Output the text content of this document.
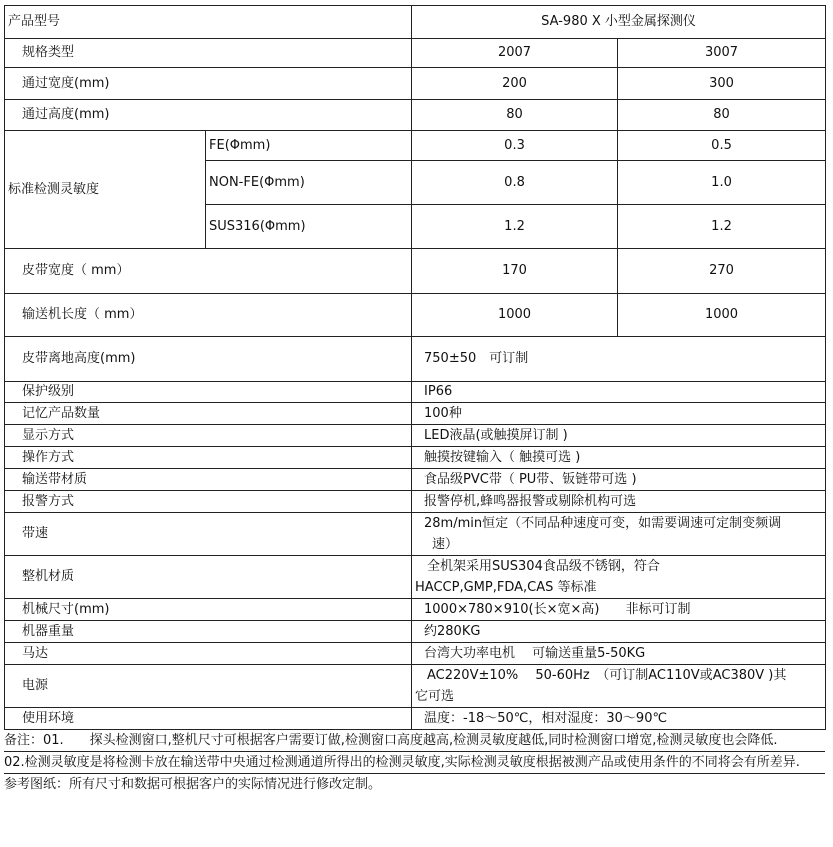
产品型号		SA-980 X 小型金属探测仪	
规格类型		2007	3007
通过宽度(mm)		200	300
通过高度(mm)		80	80
标准检测灵敏度	FE(Φmm)	0.3	0.5
	NON-FE(Φmm)	0.8	1.0
	SUS316(Φmm)	1.2	1.2
皮带宽度（ mm）		170	270
输送机长度（ mm）		1000	1000
皮带离地高度(mm)		750±50　可订制	
保护级别		IP66	
记忆产品数量		100种	
显示方式		LED液晶(或触摸屏订制 )	
操作方式		触摸按键输入（ 触摸可选 )	
输送带材质		食品级PVC带（ PU带、钣链带可选 )	
报警方式		报警停机,蜂鸣器报警或剔除机构可选	
带速		28m/min恒定（不同品种速度可变，如需要调速可定制变频调
速）	

整机材质		全机架采用SUS304食品级不锈钢，符合
HACCP,GMP,FDA,CAS 等标准	

机械尺寸(mm)		1000×780×910(长×宽×高)　　非标可订制	
机器重量		约280KG	
马达		台湾大功率电机　 可输送重量5-50KG	
电源		AC220V±10%　 50-60Hz　（可订制AC110V或AC380V )其
它可选	

使用环境		温度：-18～50℃，相对湿度：30～90℃	
备注：01.　　探头检测窗口,整机尺寸可根据客户需要订做,检测窗口高度越高,检测灵敏度越低,同时检测窗口增宽,检测灵敏度也会降低.
02.检测灵敏度是将检测卡放在输送带中央通过检测通道所得出的检测灵敏度,实际检测灵敏度根据被测产品或使用条件的不同将会有所差异.
参考图纸：所有尺寸和数据可根据客户的实际情况进行修改定制。
